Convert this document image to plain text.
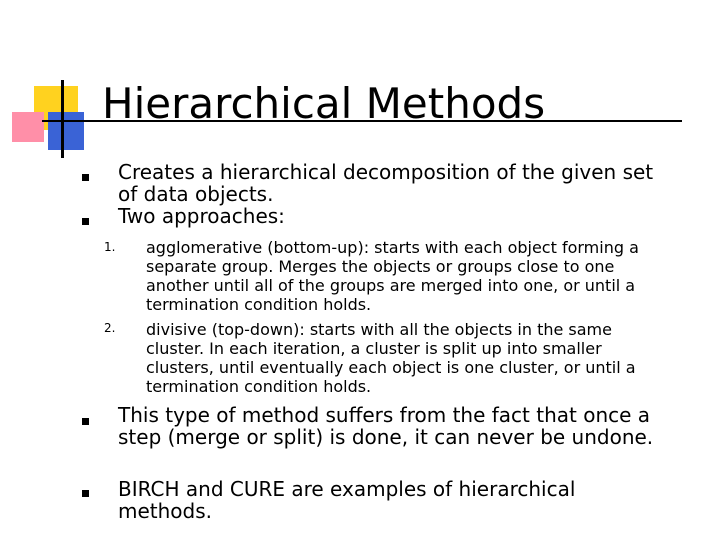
Hierarchical Methods
Creates a hierarchical decomposition of the given set of data objects.
Two approaches:
1. agglomerative (bottom-up): starts with each object forming a separate group. Merges the objects or groups close to one another until all of the groups are merged into one, or until a termination condition holds.
2. divisive (top-down): starts with all the objects in the same cluster. In each iteration, a cluster is split up into smaller clusters, until eventually each object is one cluster, or until a termination condition holds.
This type of method suffers from the fact that once a step (merge or split) is done, it can never be undone.
BIRCH and CURE are examples of hierarchical methods.
